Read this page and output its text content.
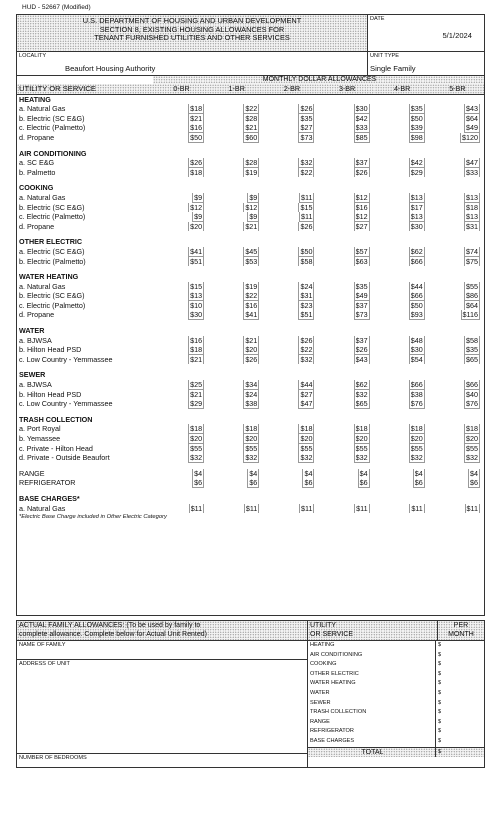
HUD - 52667 (Modified)
U.S. DEPARTMENT OF HOUSING AND URBAN DEVELOPMENT
SECTION 8, EXISTING HOUSING ALLOWANCES FOR
TENANT FURNISHED UTILITIES AND OTHER SERVICES
DATE
5/1/2024
LOCALITY
Beaufort Housing Authority
UNIT TYPE
Single Family
	MONTHLY DOLLAR ALLOWANCES					
UTILITY OR SERVICE	0-BR	1-BR	2-BR	3-BR	4-BR	5-BR
HEATING						
a. Natural Gas	$18	$22	$26	$30	$35	$43
b. Electric (SC E&G)	$21	$28	$35	$42	$50	$64
c. Electric (Palmetto)	$16	$21	$27	$33	$39	$49
d. Propane	$50	$60	$73	$85	$98	$120

AIR CONDITIONING						
a. SC E&G	$26	$28	$32	$37	$42	$47
b. Palmetto	$18	$19	$22	$26	$29	$33

COOKING						
a. Natural Gas	$9	$9	$11	$12	$13	$13
b. Electric (SC E&G)	$12	$12	$15	$16	$17	$18
c. Electric (Palmetto)	$9	$9	$11	$12	$13	$13
d. Propane	$20	$21	$26	$27	$30	$31

OTHER ELECTRIC						
a. Electric (SC E&G)	$41	$45	$50	$57	$62	$74
b. Electric (Palmetto)	$51	$53	$58	$63	$66	$75

WATER HEATING						
a. Natural Gas	$15	$19	$24	$35	$44	$55
b. Electric (SC E&G)	$13	$22	$31	$49	$66	$86
c. Electric (Palmetto)	$10	$16	$23	$37	$50	$64
d. Propane	$30	$41	$51	$73	$93	$116

WATER						
a. BJWSA	$16	$21	$26	$37	$48	$58
b. Hilton Head PSD	$18	$20	$22	$26	$30	$35
c. Low Country - Yemmassee	$21	$26	$32	$43	$54	$65

SEWER						
a. BJWSA	$25	$34	$44	$62	$66	$66
b. Hilton Head PSD	$21	$24	$27	$32	$38	$40
c. Low Country - Yemmassee	$29	$38	$47	$65	$76	$76

TRASH COLLECTION						
a. Port Royal	$18	$18	$18	$18	$18	$18
b. Yemassee	$20	$20	$20	$20	$20	$20
c. Private - Hilton Head	$55	$55	$55	$55	$55	$55
d. Private - Outside Beaufort	$32	$32	$32	$32	$32	$32

RANGE	$4	$4	$4	$4	$4	$4
REFRIGERATOR	$6	$6	$6	$6	$6	$6

BASE CHARGES*						
a. Natural Gas	$11	$11	$11	$11	$11	$11
*Electric Base Charge included in Other Electric Category						
ACTUAL FAMILY ALLOWANCES: (To be used by family to
complete allowance. Complete below for Actual Unit Rented)
NAME OF FAMILY
ADDRESS OF UNIT
NUMBER OF BEDROOMS
UTILITY
OR SERVICE
PER
MONTH
HEATING	$
AIR CONDITIONING	$
COOKING	$
OTHER ELECTRIC	$
WATER HEATING	$
WATER	$
SEWER	$
TRASH COLLECTION	$
RANGE	$
REFRIGERATOR	$
BASE CHARGES	$
TOTAL	$
